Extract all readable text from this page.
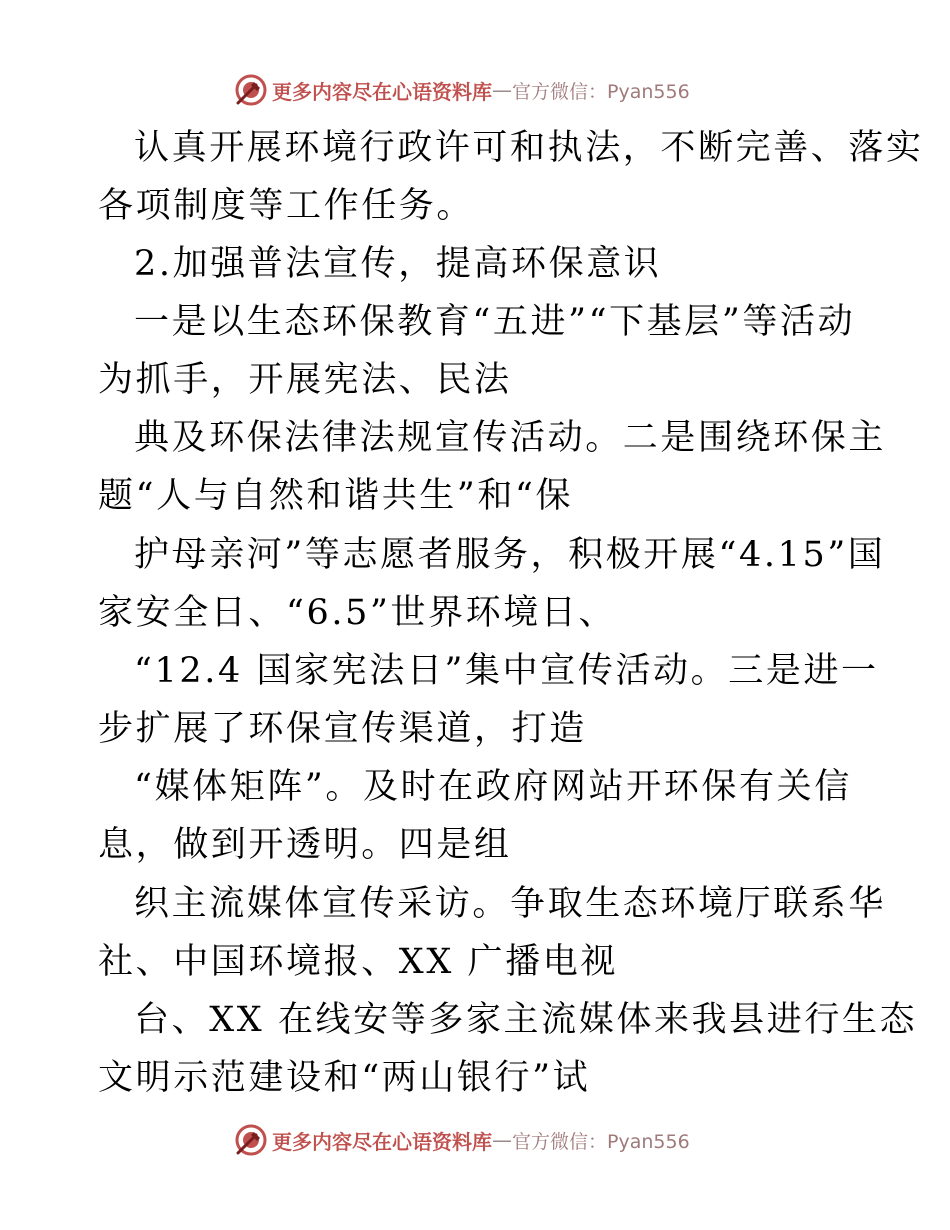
更多内容尽在心语资料库 — 官方微信：Pyan556
认真开展环境行政许可和执法，不断完善、落实
各项制度等工作任务。
2.加强普法宣传，提高环保意识
一是以生态环保教育“五进”“下基层”等活动
为抓手，开展宪法、民法
典及环保法律法规宣传活动。二是围绕环保主
题“人与自然和谐共生”和“保
护母亲河”等志愿者服务，积极开展“4.15”国
家安全日、“6.5”世界环境日、
“12.4 国家宪法日”集中宣传活动。三是进一
步扩展了环保宣传渠道，打造
“媒体矩阵”。及时在政府网站开环保有关信
息，做到开透明。四是组
织主流媒体宣传采访。争取生态环境厅联系华
社、中国环境报、XX 广播电视
台、XX 在线安等多家主流媒体来我县进行生态
文明示范建设和“两山银行”试
更多内容尽在心语资料库 — 官方微信：Pyan556
